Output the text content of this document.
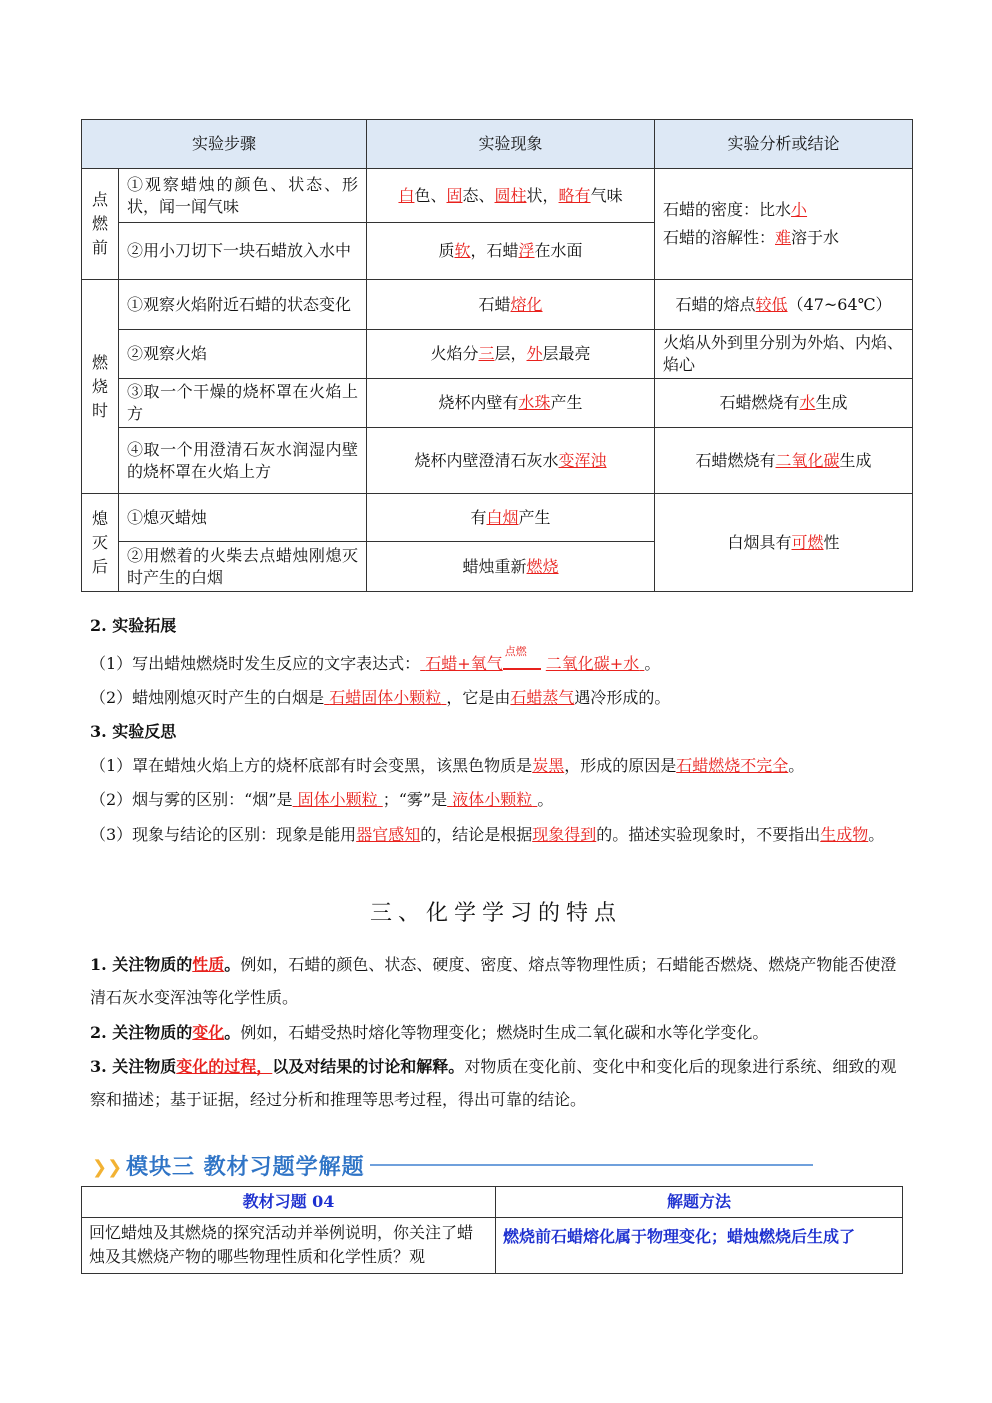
实验步骤		实验现象	实验分析或结论
点燃前	①观察蜡烛的颜色、状态、形状，闻一闻气味	白色、固态、圆柱状，略有气味	石蜡的密度：比水小
石蜡的溶解性：难溶于水

	②用小刀切下一块石蜡放入水中	质软，石蜡浮在水面	
燃烧时	①观察火焰附近石蜡的状态变化	石蜡熔化	石蜡的熔点较低（47~64℃）
	②观察火焰	火焰分三层，外层最亮	火焰从外到里分别为外焰、内焰、焰心
	③取一个干燥的烧杯罩在火焰上方	烧杯内壁有水珠产生	石蜡燃烧有水生成
	④取一个用澄清石灰水润湿内壁的烧杯罩在火焰上方	烧杯内壁澄清石灰水变浑浊	石蜡燃烧有二氧化碳生成
熄灭后	①熄灭蜡烛	有白烟产生	白烟具有可燃性
	②用燃着的火柴去点蜡烛刚熄灭时产生的白烟	蜡烛重新燃烧	
2. 实验拓展
（1）写出蜡烛燃烧时发生反应的文字表达式： 石蜡+氧气
点燃
二氧化碳+水 。
（2）蜡烛刚熄灭时产生的白烟是 石蜡固体小颗粒 ，它是由石蜡蒸气遇冷形成的。
3. 实验反思
（1）罩在蜡烛火焰上方的烧杯底部有时会变黑，该黑色物质是炭黑，形成的原因是石蜡燃烧不完全。
（2）烟与雾的区别：“烟”是 固体小颗粒 ；“雾”是 液体小颗粒 。
（3）现象与结论的区别：现象是能用器官感知的，结论是根据现象得到的。描述实验现象时，不要指出生成物。
三、化学学习的特点
1. 关注物质的性质。例如，石蜡的颜色、状态、硬度、密度、熔点等物理性质；石蜡能否燃烧、燃烧产物能否使澄清石灰水变浑浊等化学性质。
2. 关注物质的变化。例如，石蜡受热时熔化等物理变化；燃烧时生成二氧化碳和水等化学变化。
3. 关注物质变化的过程，以及对结果的讨论和解释。对物质在变化前、变化中和变化后的现象进行系统、细致的观察和描述；基于证据，经过分析和推理等思考过程，得出可靠的结论。
❯❯ 模块三 教材习题学解题
教材习题 04	解题方法
回忆蜡烛及其燃烧的探究活动并举例说明，你关注了蜡烛及其燃烧产物的哪些物理性质和化学性质？观	燃烧前石蜡熔化属于物理变化；蜡烛燃烧后生成了
